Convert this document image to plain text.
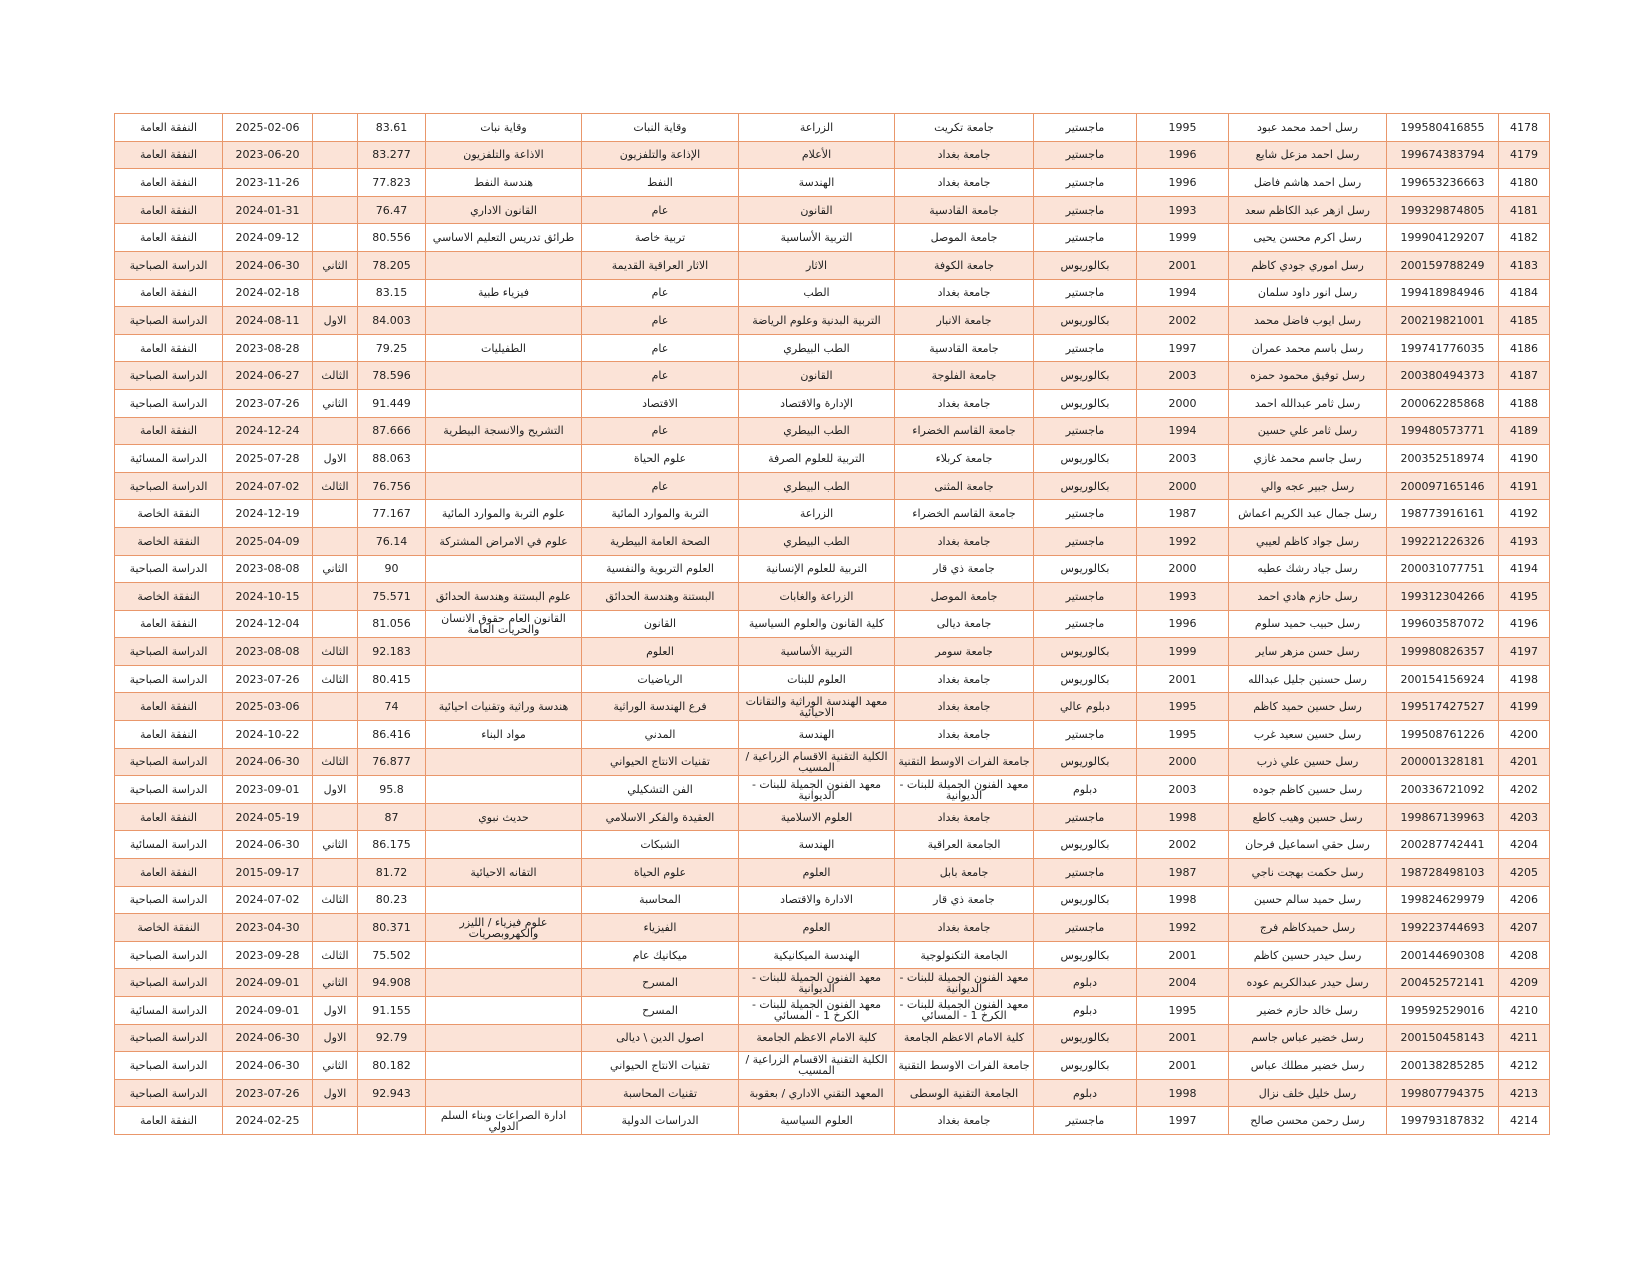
النفقة العامة	2025-02-06		83.61	وقاية نبات	وقاية النبات	الزراعة	جامعة تكريت	ماجستير	1995	رسل احمد محمد عبود	199580416855	4178
النفقة العامة	2023-06-20		83.277	الاذاعة والتلفزيون	الإذاعة والتلفزيون	الأعلام	جامعة بغداد	ماجستير	1996	رسل احمد مزعل شايع	199674383794	4179
النفقة العامة	2023-11-26		77.823	هندسة النفط	النفط	الهندسة	جامعة بغداد	ماجستير	1996	رسل احمد هاشم فاضل	199653236663	4180
النفقة العامة	2024-01-31		76.47	القانون الاداري	عام	القانون	جامعة القادسية	ماجستير	1993	رسل ازهر عبد الكاظم سعد	199329874805	4181
النفقة العامة	2024-09-12		80.556	طرائق تدريس التعليم الاساسي	تربية خاصة	التربية الأساسية	جامعة الموصل	ماجستير	1999	رسل اكرم محسن يحيى	199904129207	4182
الدراسة الصباحية	2024-06-30	الثاني	78.205		الاثار العراقية القديمة	الاثار	جامعة الكوفة	بكالوريوس	2001	رسل اموري جودي كاظم	200159788249	4183
النفقة العامة	2024-02-18		83.15	فيزياء طبية	عام	الطب	جامعة بغداد	ماجستير	1994	رسل انور داود سلمان	199418984946	4184
الدراسة الصباحية	2024-08-11	الاول	84.003		عام	التربية البدنية وعلوم الرياضة	جامعة الانبار	بكالوريوس	2002	رسل ايوب فاضل محمد	200219821001	4185
النفقة العامة	2023-08-28		79.25	الطفيليات	عام	الطب البيطري	جامعة القادسية	ماجستير	1997	رسل باسم محمد عمران	199741776035	4186
الدراسة الصباحية	2024-06-27	الثالث	78.596		عام	القانون	جامعة الفلوجة	بكالوريوس	2003	رسل توفيق محمود حمزه	200380494373	4187
الدراسة الصباحية	2023-07-26	الثاني	91.449		الاقتصاد	الإدارة والاقتصاد	جامعة بغداد	بكالوريوس	2000	رسل ثامر عبدالله احمد	200062285868	4188
النفقة العامة	2024-12-24		87.666	التشريح والانسجة البيطرية	عام	الطب البيطري	جامعة القاسم الخضراء	ماجستير	1994	رسل ثامر علي حسين	199480573771	4189
الدراسة المسائية	2025-07-28	الاول	88.063		علوم الحياة	التربية للعلوم الصرفة	جامعة كربلاء	بكالوريوس	2003	رسل جاسم محمد غازي	200352518974	4190
الدراسة الصباحية	2024-07-02	الثالث	76.756		عام	الطب البيطري	جامعة المثنى	بكالوريوس	2000	رسل جبير عجه والي	200097165146	4191
النفقة الخاصة	2024-12-19		77.167	علوم التربة والموارد المائية	التربة والموارد المائية	الزراعة	جامعة القاسم الخضراء	ماجستير	1987	رسل جمال عبد الكريم اعماش	198773916161	4192
النفقة الخاصة	2025-04-09		76.14	علوم في الامراض المشتركة	الصحة العامة البيطرية	الطب البيطري	جامعة بغداد	ماجستير	1992	رسل جواد كاظم لعيبي	199221226326	4193
الدراسة الصباحية	2023-08-08	الثاني	90		العلوم التربوية والنفسية	التربية للعلوم الإنسانية	جامعة ذي قار	بكالوريوس	2000	رسل جياد رشك عطيه	200031077751	4194
النفقة الخاصة	2024-10-15		75.571	علوم البستنة وهندسة الحدائق	البستنة وهندسة الحدائق	الزراعة والغابات	جامعة الموصل	ماجستير	1993	رسل حازم هادي احمد	199312304266	4195
النفقة العامة	2024-12-04		81.056	القانون العام حقوق الانسان والحريات العامة	القانون	كلية القانون والعلوم السياسية	جامعة ديالى	ماجستير	1996	رسل حبيب حميد سلوم	199603587072	4196
الدراسة الصباحية	2023-08-08	الثالث	92.183		العلوم	التربية الأساسية	جامعة سومر	بكالوريوس	1999	رسل حسن مزهر ساير	199980826357	4197
الدراسة الصباحية	2023-07-26	الثالث	80.415		الرياضيات	العلوم للبنات	جامعة بغداد	بكالوريوس	2001	رسل حسنين جليل عبدالله	200154156924	4198
النفقة العامة	2025-03-06		74	هندسة وراثية وتقنيات احيائية	فرع الهندسة الوراثية	معهد الهندسة الوراثية والتقانات الاحيائية	جامعة بغداد	دبلوم عالي	1995	رسل حسين حميد كاظم	199517427527	4199
النفقة العامة	2024-10-22		86.416	مواد البناء	المدني	الهندسة	جامعة بغداد	ماجستير	1995	رسل حسين سعيد غرب	199508761226	4200
الدراسة الصباحية	2024-06-30	الثالث	76.877		تقنيات الانتاج الحيواني	الكلية التقنية الاقسام الزراعية / المسيب	جامعة الفرات الاوسط التقنية	بكالوريوس	2000	رسل حسين علي ذرب	200001328181	4201
الدراسة الصباحية	2023-09-01	الاول	95.8		الفن التشكيلي	معهد الفنون الجميلة للبنات - الديوانية	معهد الفنون الجميلة للبنات - الديوانية	دبلوم	2003	رسل حسين كاظم جوده	200336721092	4202
النفقة العامة	2024-05-19		87	حديث نبوي	العقيدة والفكر الاسلامي	العلوم الاسلامية	جامعة بغداد	ماجستير	1998	رسل حسين وهيب كاطع	199867139963	4203
الدراسة المسائية	2024-06-30	الثاني	86.175		الشبكات	الهندسة	الجامعة العراقية	بكالوريوس	2002	رسل حقي اسماعيل فرحان	200287742441	4204
النفقة العامة	2015-09-17		81.72	التقانه الاحيائية	علوم الحياة	العلوم	جامعة بابل	ماجستير	1987	رسل حكمت بهجت ناجي	198728498103	4205
الدراسة الصباحية	2024-07-02	الثالث	80.23		المحاسبة	الادارة والاقتصاد	جامعة ذي قار	بكالوريوس	1998	رسل حميد سالم حسين	199824629979	4206
النفقة الخاصة	2023-04-30		80.371	علوم فيزياء / الليزر والكهروبصريات	الفيزياء	العلوم	جامعة بغداد	ماجستير	1992	رسل حميدكاظم فرج	199223744693	4207
الدراسة الصباحية	2023-09-28	الثالث	75.502		ميكانيك عام	الهندسة الميكانيكية	الجامعة التكنولوجية	بكالوريوس	2001	رسل حيدر حسين كاظم	200144690308	4208
الدراسة الصباحية	2024-09-01	الثاني	94.908		المسرح	معهد الفنون الجميلة للبنات - الديوانية	معهد الفنون الجميلة للبنات - الديوانية	دبلوم	2004	رسل حيدر عبدالكريم عوده	200452572141	4209
الدراسة المسائية	2024-09-01	الاول	91.155		المسرح	معهد الفنون الجميلة للبنات - الكرخ 1 - المسائي	معهد الفنون الجميلة للبنات - الكرخ 1 - المسائي	دبلوم	1995	رسل خالد حازم خضير	199592529016	4210
الدراسة الصباحية	2024-06-30	الاول	92.79		اصول الدين \ ديالى	كلية الامام الاعظم الجامعة	كلية الامام الاعظم الجامعة	بكالوريوس	2001	رسل خضير عباس جاسم	200150458143	4211
الدراسة الصباحية	2024-06-30	الثاني	80.182		تقنيات الانتاج الحيواني	الكلية التقنية الاقسام الزراعية / المسيب	جامعة الفرات الاوسط التقنية	بكالوريوس	2001	رسل خضير مطلك عباس	200138285285	4212
الدراسة الصباحية	2023-07-26	الاول	92.943		تقنيات المحاسبة	المعهد التقني الاداري / بعقوبة	الجامعة التقنية الوسطى	دبلوم	1998	رسل خليل خلف نزال	199807794375	4213
النفقة العامة	2024-02-25			ادارة الصراعات وبناء السلم الدولي	الدراسات الدولية	العلوم السياسية	جامعة بغداد	ماجستير	1997	رسل رحمن محسن صالح	199793187832	4214
